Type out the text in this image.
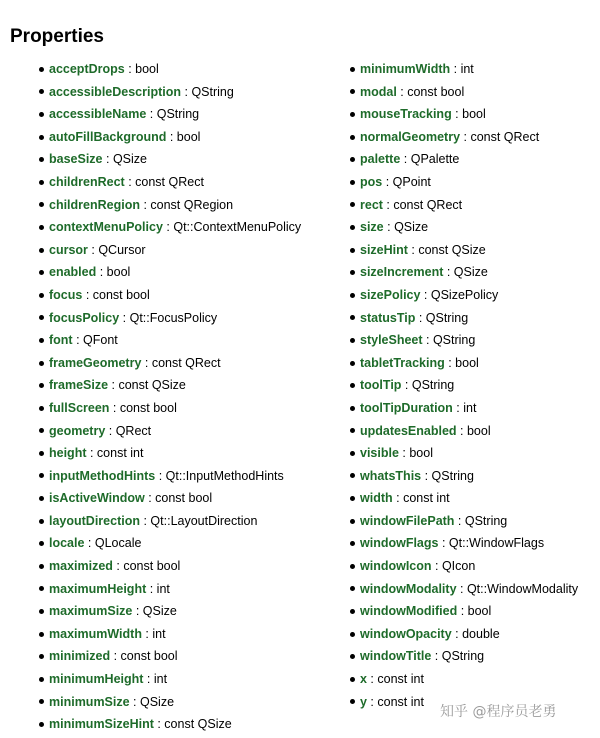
Properties
acceptDrops : bool
accessibleDescription : QString
accessibleName : QString
autoFillBackground : bool
baseSize : QSize
childrenRect : const QRect
childrenRegion : const QRegion
contextMenuPolicy : Qt::ContextMenuPolicy
cursor : QCursor
enabled : bool
focus : const bool
focusPolicy : Qt::FocusPolicy
font : QFont
frameGeometry : const QRect
frameSize : const QSize
fullScreen : const bool
geometry : QRect
height : const int
inputMethodHints : Qt::InputMethodHints
isActiveWindow : const bool
layoutDirection : Qt::LayoutDirection
locale : QLocale
maximized : const bool
maximumHeight : int
maximumSize : QSize
maximumWidth : int
minimized : const bool
minimumHeight : int
minimumSize : QSize
minimumSizeHint : const QSize
minimumWidth : int
modal : const bool
mouseTracking : bool
normalGeometry : const QRect
palette : QPalette
pos : QPoint
rect : const QRect
size : QSize
sizeHint : const QSize
sizeIncrement : QSize
sizePolicy : QSizePolicy
statusTip : QString
styleSheet : QString
tabletTracking : bool
toolTip : QString
toolTipDuration : int
updatesEnabled : bool
visible : bool
whatsThis : QString
width : const int
windowFilePath : QString
windowFlags : Qt::WindowFlags
windowIcon : QIcon
windowModality : Qt::WindowModality
windowModified : bool
windowOpacity : double
windowTitle : QString
x : const int
y : const int
知乎 @程序员老勇
